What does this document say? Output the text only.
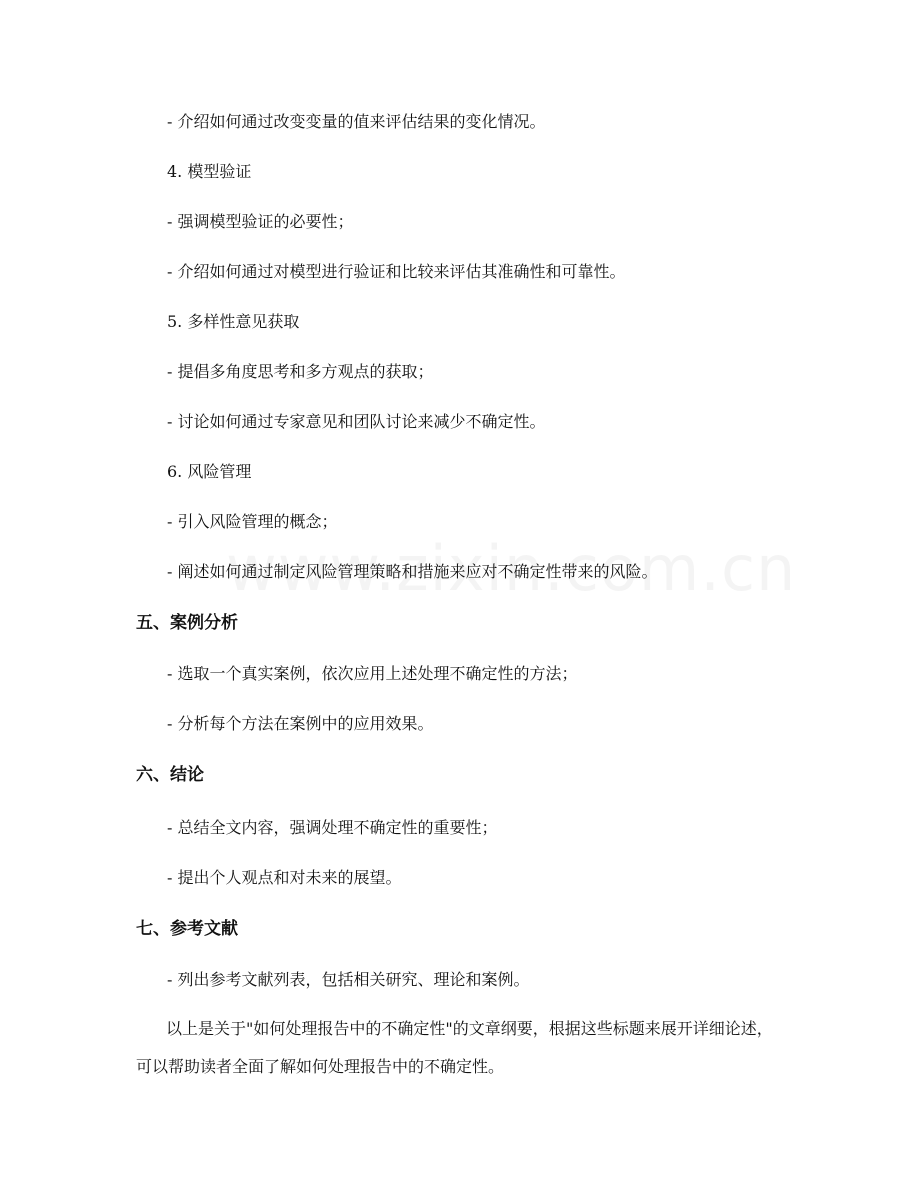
- 介绍如何通过改变变量的值来评估结果的变化情况。
4. 模型验证
- 强调模型验证的必要性；
- 介绍如何通过对模型进行验证和比较来评估其准确性和可靠性。
5. 多样性意见获取
- 提倡多角度思考和多方观点的获取；
- 讨论如何通过专家意见和团队讨论来减少不确定性。
6. 风险管理
- 引入风险管理的概念；
- 阐述如何通过制定风险管理策略和措施来应对不确定性带来的风险。
五、案例分析
- 选取一个真实案例，依次应用上述处理不确定性的方法；
- 分析每个方法在案例中的应用效果。
六、结论
- 总结全文内容，强调处理不确定性的重要性；
- 提出个人观点和对未来的展望。
七、参考文献
- 列出参考文献列表，包括相关研究、理论和案例。
以上是关于"如何处理报告中的不确定性"的文章纲要，根据这些标题来展开详细论述，可以帮助读者全面了解如何处理报告中的不确定性。
